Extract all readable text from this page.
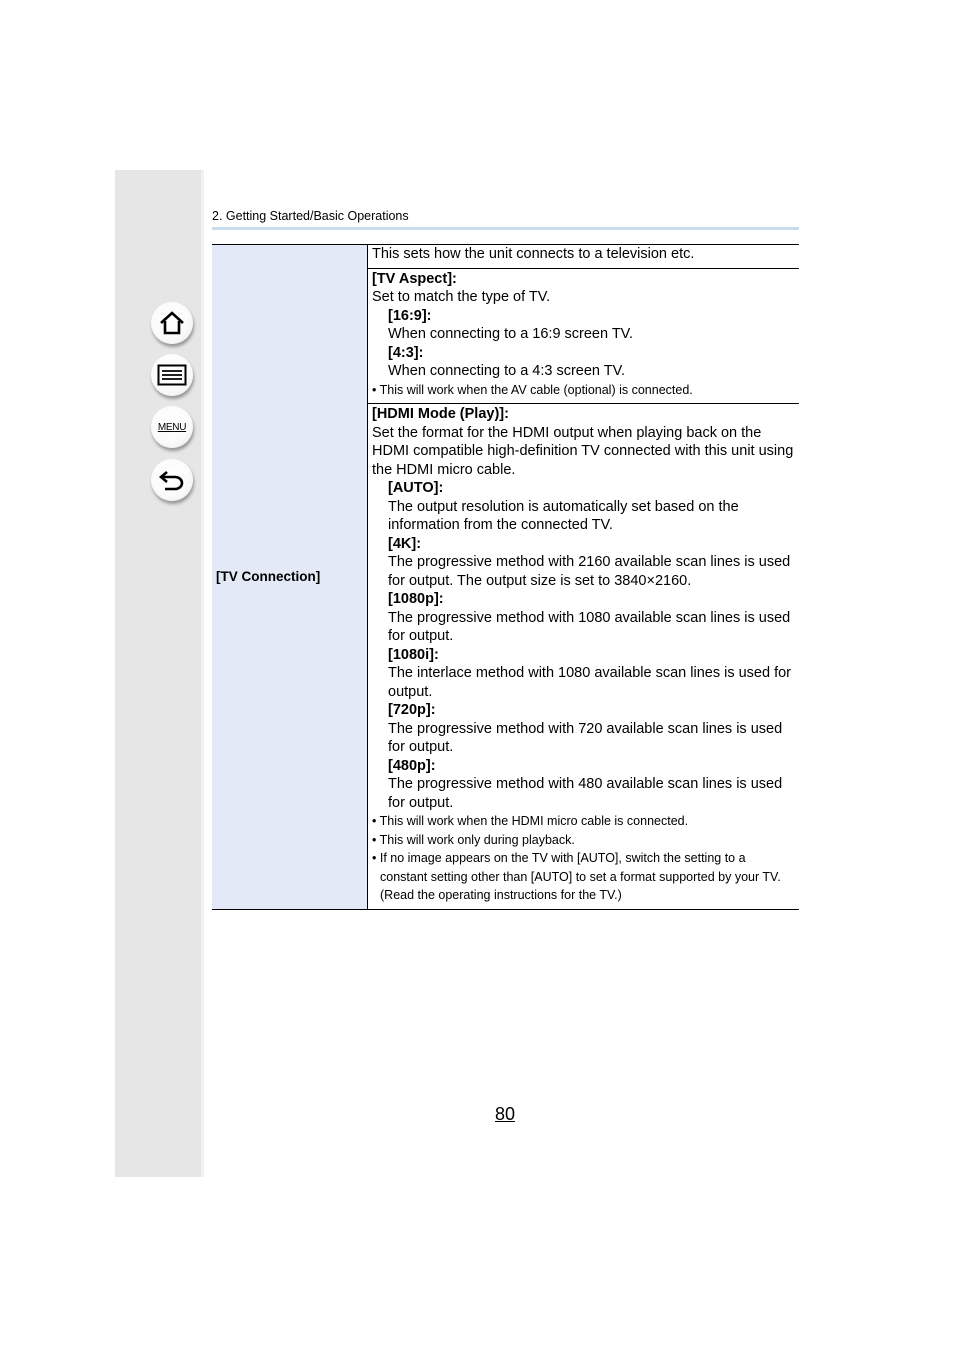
MENU
2. Getting Started/Basic Operations
[TV Connection]	
This sets how the unit connects to a television etc.

[TV Aspect]:
Set to match the type of TV.
[16:9]:
When connecting to a 16:9 screen TV.
[4:3]:
When connecting to a 4:3 screen TV.
• This will work when the AV cable (optional) is connected.

[HDMI Mode (Play)]:
Set the format for the HDMI output when playing back on the HDMI compatible high-definition TV connected with this unit using the HDMI micro cable.
[AUTO]:
The output resolution is automatically set based on the information from the connected TV.
[4K]:
The progressive method with 2160 available scan lines is used for output. The output size is set to 3840×2160.
[1080p]:
The progressive method with 1080 available scan lines is used for output.
[1080i]:
The interlace method with 1080 available scan lines is used for output.
[720p]:
The progressive method with 720 available scan lines is used for output.
[480p]:
The progressive method with 480 available scan lines is used for output.
• This will work when the HDMI micro cable is connected.
• This will work only during playback.
• If no image appears on the TV with [AUTO], switch the setting to a constant setting other than [AUTO] to set a format supported by your TV. (Read the operating instructions for the TV.)
80
